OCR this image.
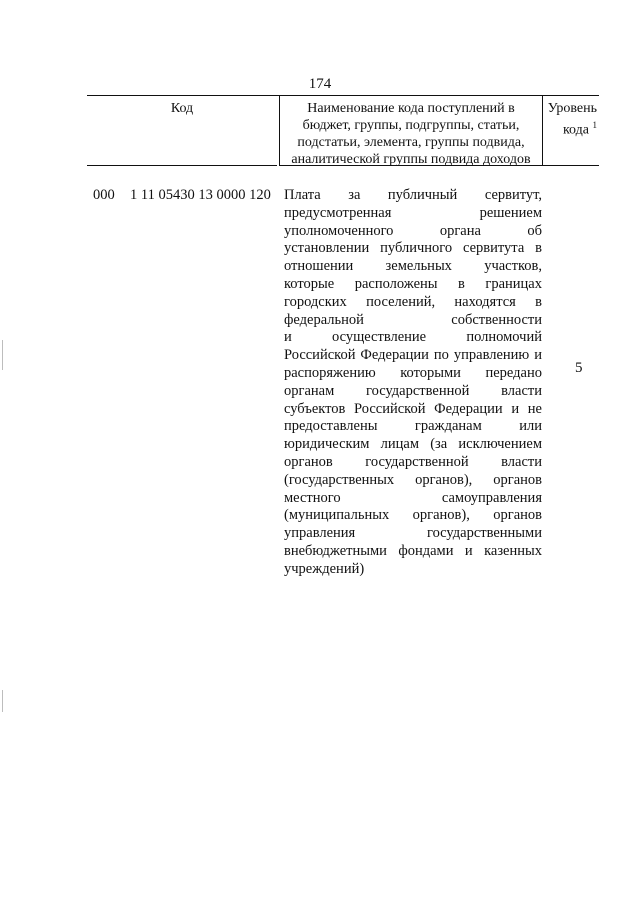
174
Код	Наименование кода поступлений в
бюджет, группы, подгруппы, статьи,
подстатьи, элемента, группы подвида,
аналитической группы подвида доходов
Уровень
кода $^1$
000 1 11 05430 13 0000 120 Плата за публичный сервитут,
предусмотренная решением
уполномоченного органа об
установлении публичного сервитута в
отношении земельных участков,
которые расположены в границах
городских поселений, находятся в
федеральной собственности
и осуществление полномочий
Российской Федерации по управлению и
распоряжению которыми передано
органам государственной власти
субъектов Российской Федерации и не
предоставлены гражданам или
юридическим лицам (за исключением
органов государственной власти
(государственных органов), органов
местного самоуправления
(муниципальных органов), органов
управления государственными
внебюджетными фондами и казенных
учреждений)
5
